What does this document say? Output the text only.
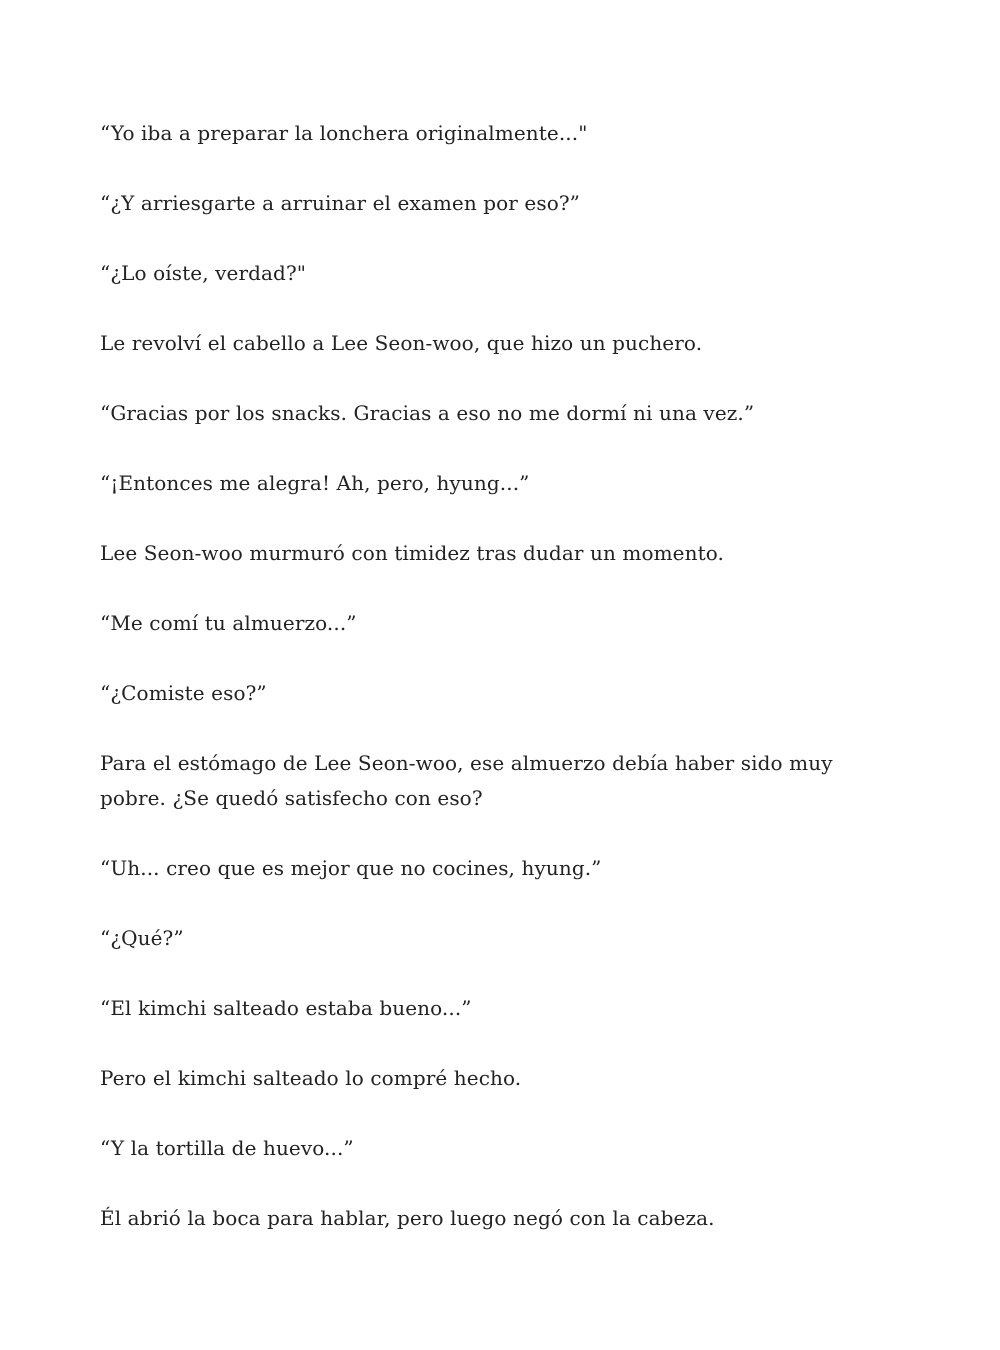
“Yo iba a preparar la lonchera originalmente..."

“¿Y arriesgarte a arruinar el examen por eso?”

“¿Lo oíste, verdad?"

Le revolví el cabello a Lee Seon-woo, que hizo un puchero.

“Gracias por los snacks. Gracias a eso no me dormí ni una vez.”

“¡Entonces me alegra! Ah, pero, hyung...”

Lee Seon-woo murmuró con timidez tras dudar un momento.

“Me comí tu almuerzo...”

“¿Comiste eso?”

Para el estómago de Lee Seon-woo, ese almuerzo debía haber sido muy pobre. ¿Se quedó satisfecho con eso?

“Uh... creo que es mejor que no cocines, hyung.”

“¿Qué?”

“El kimchi salteado estaba bueno...”

Pero el kimchi salteado lo compré hecho.

“Y la tortilla de huevo...”

Él abrió la boca para hablar, pero luego negó con la cabeza.
